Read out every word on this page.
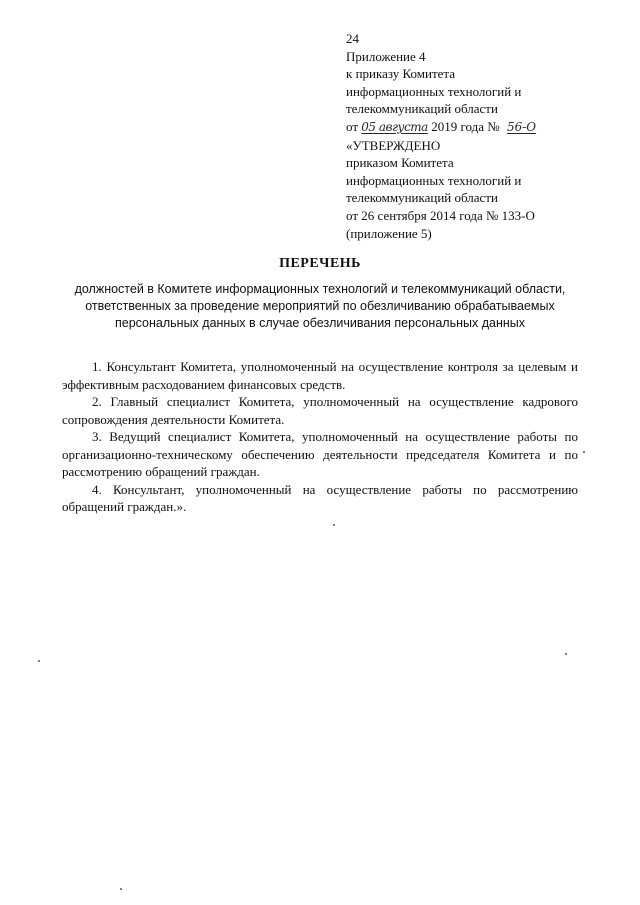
24
Приложение 4
к приказу Комитета
информационных технологий и
телекоммуникаций области
от 05 августа 2019 года № 56-О
«УТВЕРЖДЕНО
приказом Комитета
информационных технологий и
телекоммуникаций области
от 26 сентября 2014 года № 133-О
(приложение 5)
ПЕРЕЧЕНЬ
должностей в Комитете информационных технологий и телекоммуникаций области,
ответственных за проведение мероприятий по обезличиванию обрабатываемых
персональных данных в случае обезличивания персональных данных

1. Консультант Комитета, уполномоченный на осуществление контроля за целевым и эффективным расходованием финансовых средств.

2. Главный специалист Комитета, уполномоченный на осуществление кадрового сопровождения деятельности Комитета.

3. Ведущий специалист Комитета, уполномоченный на осуществление работы по организационно-техническому обеспечению деятельности председателя Комитета и по рассмотрению обращений граждан.

4. Консультант, уполномоченный на осуществление работы по рассмотрению обращений граждан.».
